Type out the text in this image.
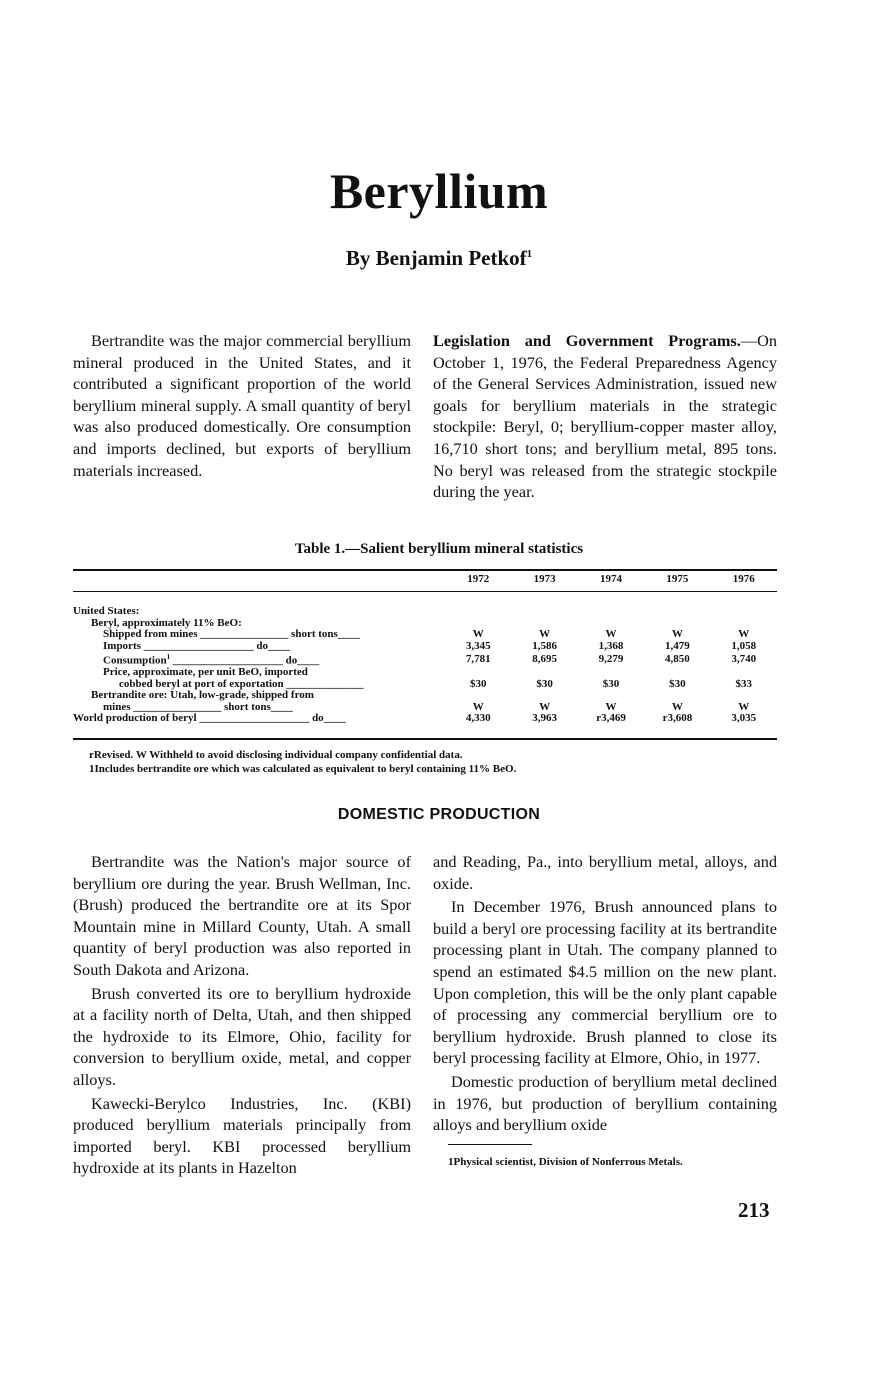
Beryllium
By Benjamin Petkof$^1$

Bertrandite was the major commercial beryllium mineral produced in the United States, and it contributed a significant proportion of the world beryllium mineral supply. A small quantity of beryl was also produced domestically. Ore consumption and imports declined, but exports of beryllium materials increased.

Legislation and Government Programs.—On October 1, 1976, the Federal Preparedness Agency of the General Services Administration, issued new goals for beryllium materials in the strategic stockpile: Beryl, 0; beryllium-copper master alloy, 16,710 short tons; and beryllium metal, 895 tons. No beryl was released from the strategic stockpile during the year.

Table 1.—Salient beryllium mineral statistics
	1972	1973	1974	1975	1976

United States:					
Beryl, approximately 11% BeO:					
Shipped from mines ________________ short tons____	W	W	W	W	W
Imports ____________________ do____	3,345	1,586	1,368	1,479	1,058
Consumption$^1$ ____________________ do____	7,781	8,695	9,279	4,850	3,740
Price, approximate, per unit BeO, imported					
cobbed beryl at port of exportation ______________	$30	$30	$30	$30	$33
Bertrandite ore: Utah, low-grade, shipped from					
mines ________________ short tons____	W	W	W	W	W
World production of beryl ____________________ do____	4,330	3,963	r3,469	r3,608	3,035
rRevised. W Withheld to avoid disclosing individual company confidential data.
1Includes bertrandite ore which was calculated as equivalent to beryl containing 11% BeO.
DOMESTIC PRODUCTION

Bertrandite was the Nation's major source of beryllium ore during the year. Brush Wellman, Inc. (Brush) produced the bertrandite ore at its Spor Mountain mine in Millard County, Utah. A small quantity of beryl production was also reported in South Dakota and Arizona.

Brush converted its ore to beryllium hydroxide at a facility north of Delta, Utah, and then shipped the hydroxide to its Elmore, Ohio, facility for conversion to beryllium oxide, metal, and copper alloys.

Kawecki-Berylco Industries, Inc. (KBI) produced beryllium materials principally from imported beryl. KBI processed beryllium hydroxide at its plants in Hazelton

and Reading, Pa., into beryllium metal, alloys, and oxide.

In December 1976, Brush announced plans to build a beryl ore processing facility at its bertrandite processing plant in Utah. The company planned to spend an estimated $4.5 million on the new plant. Upon completion, this will be the only plant capable of processing any commercial beryllium ore to beryllium hydroxide. Brush planned to close its beryl processing facility at Elmore, Ohio, in 1977.

Domestic production of beryllium metal declined in 1976, but production of beryllium containing alloys and beryllium oxide

1Physical scientist, Division of Nonferrous Metals.
213
